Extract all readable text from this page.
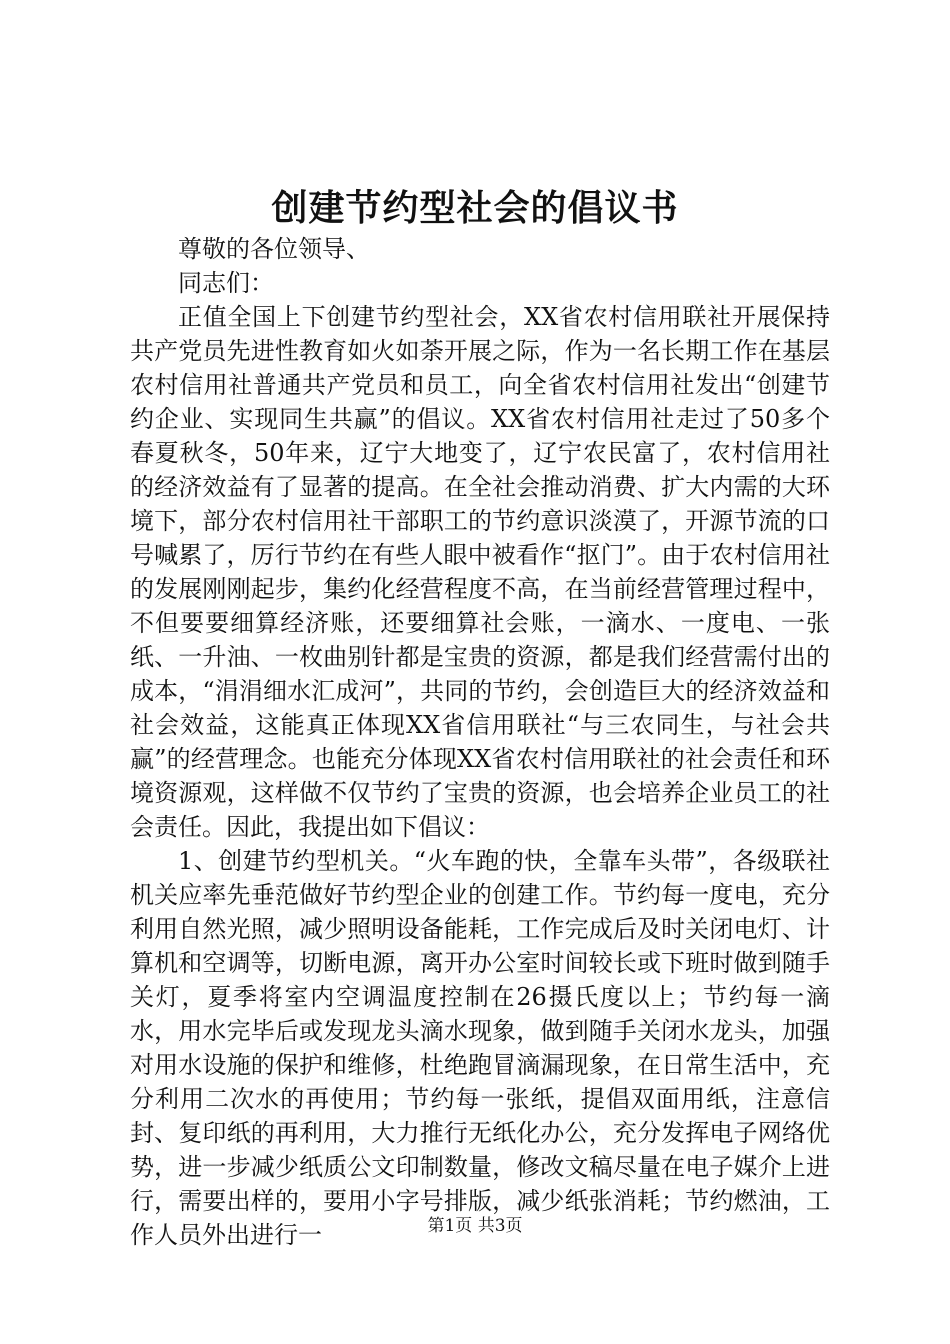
创建节约型社会的倡议书

尊敬的各位领导、

同志们：

正值全国上下创建节约型社会，XX省农村信用联社开展保持共产党员先进性教育如火如荼开展之际，作为一名长期工作在基层农村信用社普通共产党员和员工，向全省农村信用社发出“创建节约企业、实现同生共赢”的倡议。XX省农村信用社走过了50多个春夏秋冬，50年来，辽宁大地变了，辽宁农民富了，农村信用社的经济效益有了显著的提高。在全社会推动消费、扩大内需的大环境下，部分农村信用社干部职工的节约意识淡漠了，开源节流的口号喊累了，厉行节约在有些人眼中被看作“抠门”。由于农村信用社的发展刚刚起步，集约化经营程度不高，在当前经营管理过程中，不但要要细算经济账，还要细算社会账，一滴水、一度电、一张纸、一升油、一枚曲别针都是宝贵的资源，都是我们经营需付出的成本，“涓涓细水汇成河”，共同的节约，会创造巨大的经济效益和社会效益，这能真正体现XX省信用联社“与三农同生，与社会共赢”的经营理念。也能充分体现XX省农村信用联社的社会责任和环境资源观，这样做不仅节约了宝贵的资源，也会培养企业员工的社会责任。因此，我提出如下倡议：

1、创建节约型机关。“火车跑的快，全靠车头带”，各级联社机关应率先垂范做好节约型企业的创建工作。节约每一度电，充分利用自然光照，减少照明设备能耗，工作完成后及时关闭电灯、计算机和空调等，切断电源，离开办公室时间较长或下班时做到随手关灯，夏季将室内空调温度控制在26摄氏度以上；节约每一滴水，用水完毕后或发现龙头滴水现象，做到随手关闭水龙头，加强对用水设施的保护和维修，杜绝跑冒滴漏现象，在日常生活中，充分利用二次水的再使用；节约每一张纸，提倡双面用纸，注意信封、复印纸的再利用，大力推行无纸化办公，充分发挥电子网络优势，进一步减少纸质公文印制数量，修改文稿尽量在电子媒介上进行，需要出样的，要用小字号排版，减少纸张消耗；节约燃油，工作人员外出进行一	第1页 共3页
